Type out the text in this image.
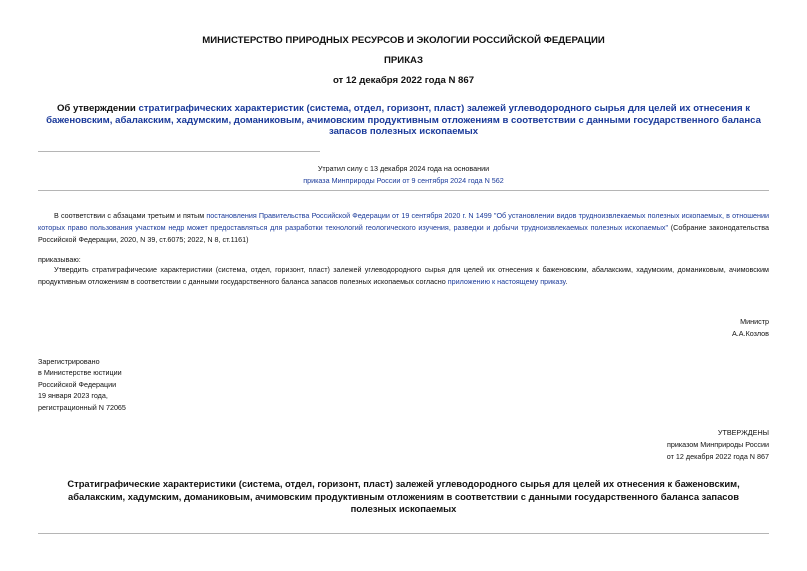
МИНИСТЕРСТВО ПРИРОДНЫХ РЕСУРСОВ И ЭКОЛОГИИ РОССИЙСКОЙ ФЕДЕРАЦИИ
ПРИКАЗ
от 12 декабря 2022 года N 867
Об утверждении стратиграфических характеристик (система, отдел, горизонт, пласт) залежей углеводородного сырья для целей их отнесения к баженовским, абалакским, хадумским, доманиковым, ачимовским продуктивным отложениям в соответствии с данными государственного баланса запасов полезных ископаемых
Утратил силу с 13 декабря 2024 года на основании
приказа Минприроды России от 9 сентября 2024 года N 562
В соответствии с абзацами третьим и пятым постановления Правительства Российской Федерации от 19 сентября 2020 г. N 1499 "Об установлении видов трудноизвлекаемых полезных ископаемых, в отношении которых право пользования участком недр может предоставляться для разработки технологий геологического изучения, разведки и добычи трудноизвлекаемых полезных ископаемых" (Собрание законодательства Российской Федерации, 2020, N 39, ст.6075; 2022, N 8, ст.1161)
приказываю:
Утвердить стратиграфические характеристики (система, отдел, горизонт, пласт) залежей углеводородного сырья для целей их отнесения к баженовским, абалакским, хадумским, доманиковым, ачимовским продуктивным отложениям в соответствии с данными государственного баланса запасов полезных ископаемых согласно приложению к настоящему приказу.
Министр
А.А.Козлов
Зарегистрировано
в Министерстве юстиции
Российской Федерации
19 января 2023 года,
регистрационный N 72065
УТВЕРЖДЕНЫ
приказом Минприроды России
от 12 декабря 2022 года N 867
Стратиграфические характеристики (система, отдел, горизонт, пласт) залежей углеводородного сырья для целей их отнесения к баженовским, абалакским, хадумским, доманиковым, ачимовским продуктивным отложениям в соответствии с данными государственного баланса запасов полезных ископаемых
